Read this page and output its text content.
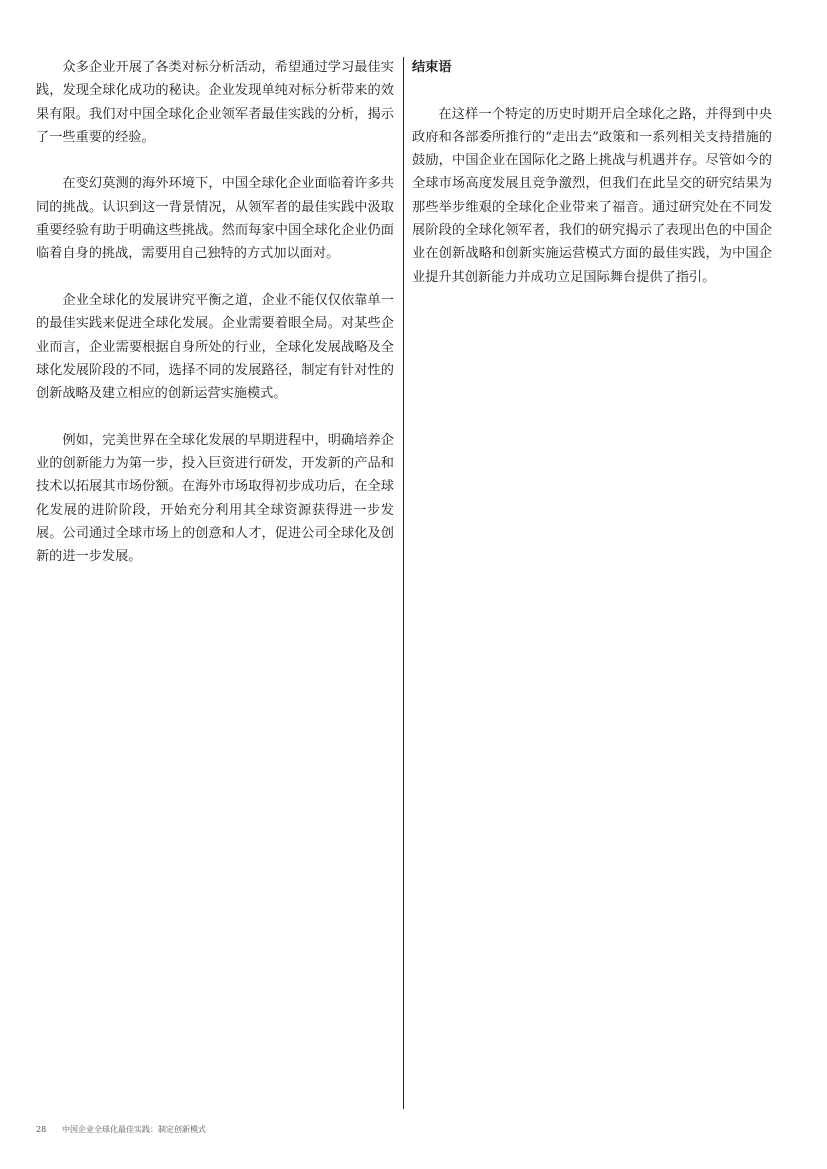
众多企业开展了各类对标分析活动，希望通过学习最佳实践，发现全球化成功的秘诀。企业发现单纯对标分析带来的效果有限。我们对中国全球化企业领军者最佳实践的分析，揭示了一些重要的经验。

在变幻莫测的海外环境下，中国全球化企业面临着许多共同的挑战。认识到这一背景情况，从领军者的最佳实践中汲取重要经验有助于明确这些挑战。然而每家中国全球化企业仍面临着自身的挑战，需要用自己独特的方式加以面对。

企业全球化的发展讲究平衡之道，企业不能仅仅依靠单一的最佳实践来促进全球化发展。企业需要着眼全局。对某些企业而言，企业需要根据自身所处的行业，全球化发展战略及全球化发展阶段的不同，选择不同的发展路径，制定有针对性的创新战略及建立相应的创新运营实施模式。

例如，完美世界在全球化发展的早期进程中，明确培养企业的创新能力为第一步，投入巨资进行研发，开发新的产品和技术以拓展其市场份额。在海外市场取得初步成功后，在全球化发展的进阶阶段，开始充分利用其全球资源获得进一步发展。公司通过全球市场上的创意和人才，促进公司全球化及创新的进一步发展。

结束语

在这样一个特定的历史时期开启全球化之路，并得到中央政府和各部委所推行的“走出去”政策和一系列相关支持措施的鼓励，中国企业在国际化之路上挑战与机遇并存。尽管如今的全球市场高度发展且竞争激烈，但我们在此呈交的研究结果为那些举步维艰的全球化企业带来了福音。通过研究处在不同发展阶段的全球化领军者，我们的研究揭示了表现出色的中国企业在创新战略和创新实施运营模式方面的最佳实践，为中国企业提升其创新能力并成功立足国际舞台提供了指引。

28 中国企业全球化最佳实践：制定创新模式
